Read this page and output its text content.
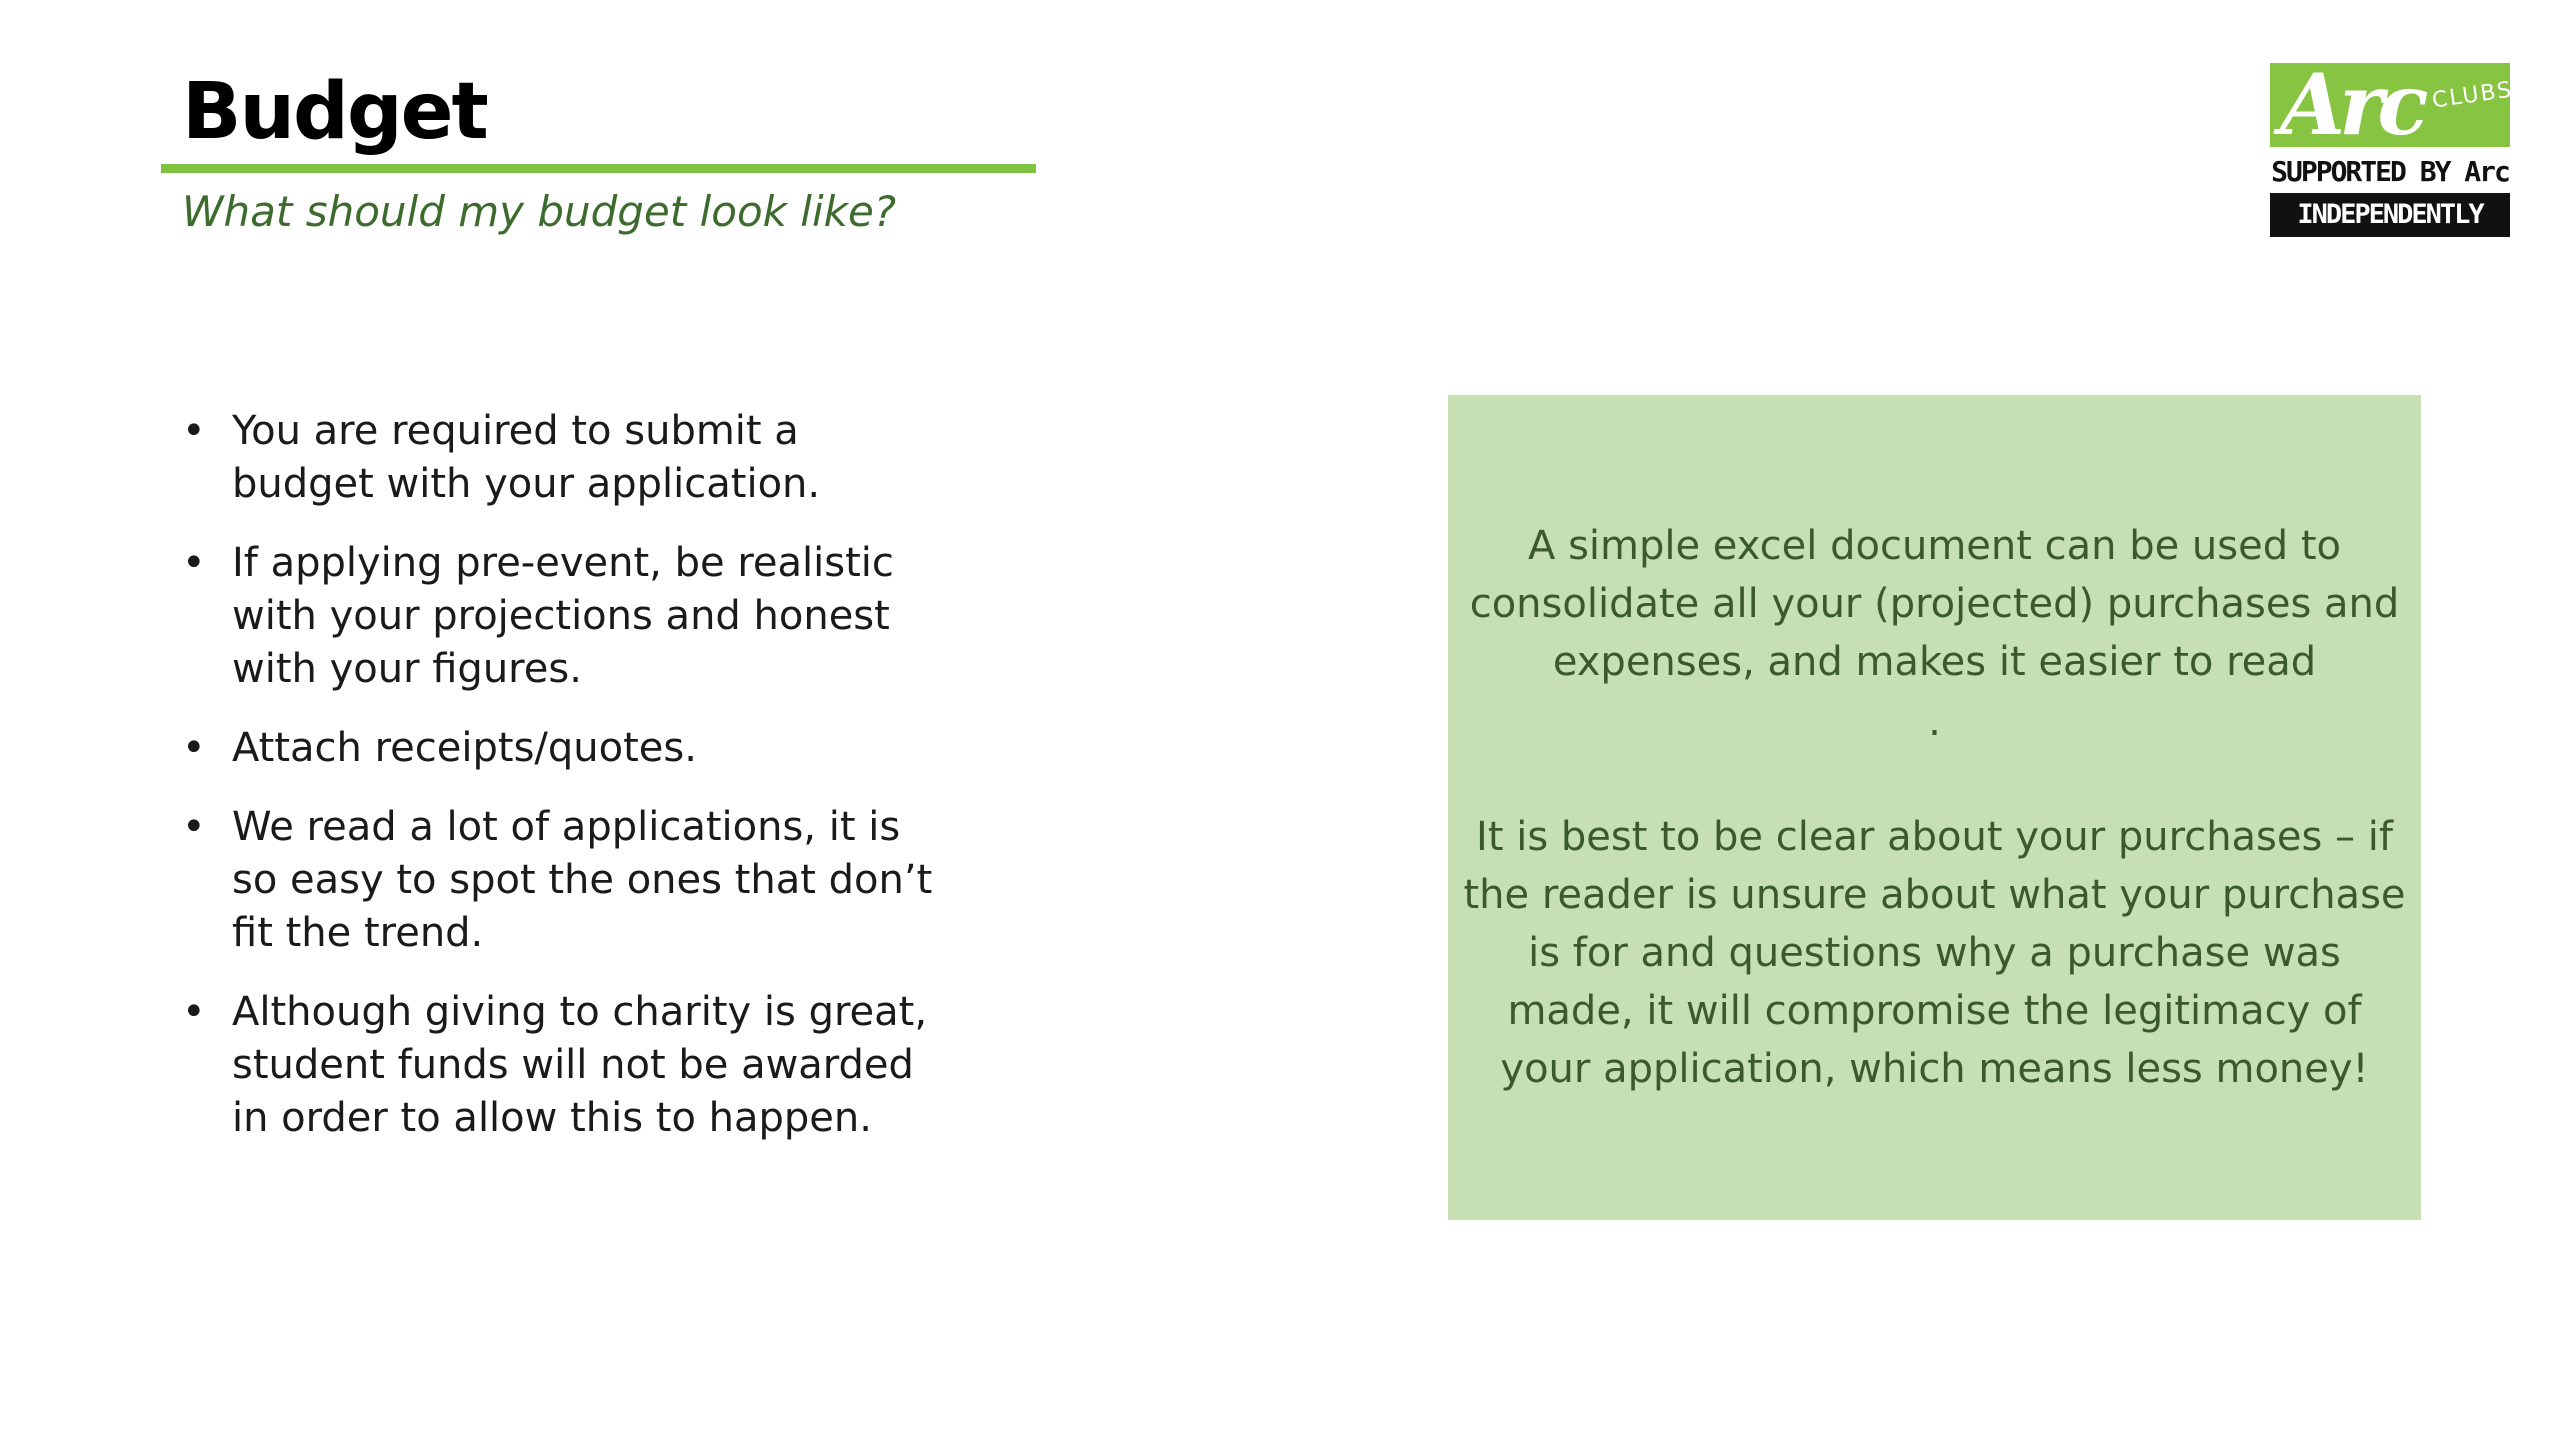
Budget
What should my budget look like?
Arc CLUBS
SUPPORTED BY Arc
INDEPENDENTLY RUN
• You are required to submit a budget with your application.
• If applying pre-event, be realistic with your projections and honest with your figures.
• Attach receipts/quotes.
• We read a lot of applications, it is so easy to spot the ones that don’t fit the trend.
• Although giving to charity is great, student funds will not be awarded in order to allow this to happen.
A simple excel document can be used to consolidate all your (projected) purchases and expenses, and makes it easier to read
.
It is best to be clear about your purchases – if the reader is unsure about what your purchase is for and questions why a purchase was made, it will compromise the legitimacy of your application, which means less money!
